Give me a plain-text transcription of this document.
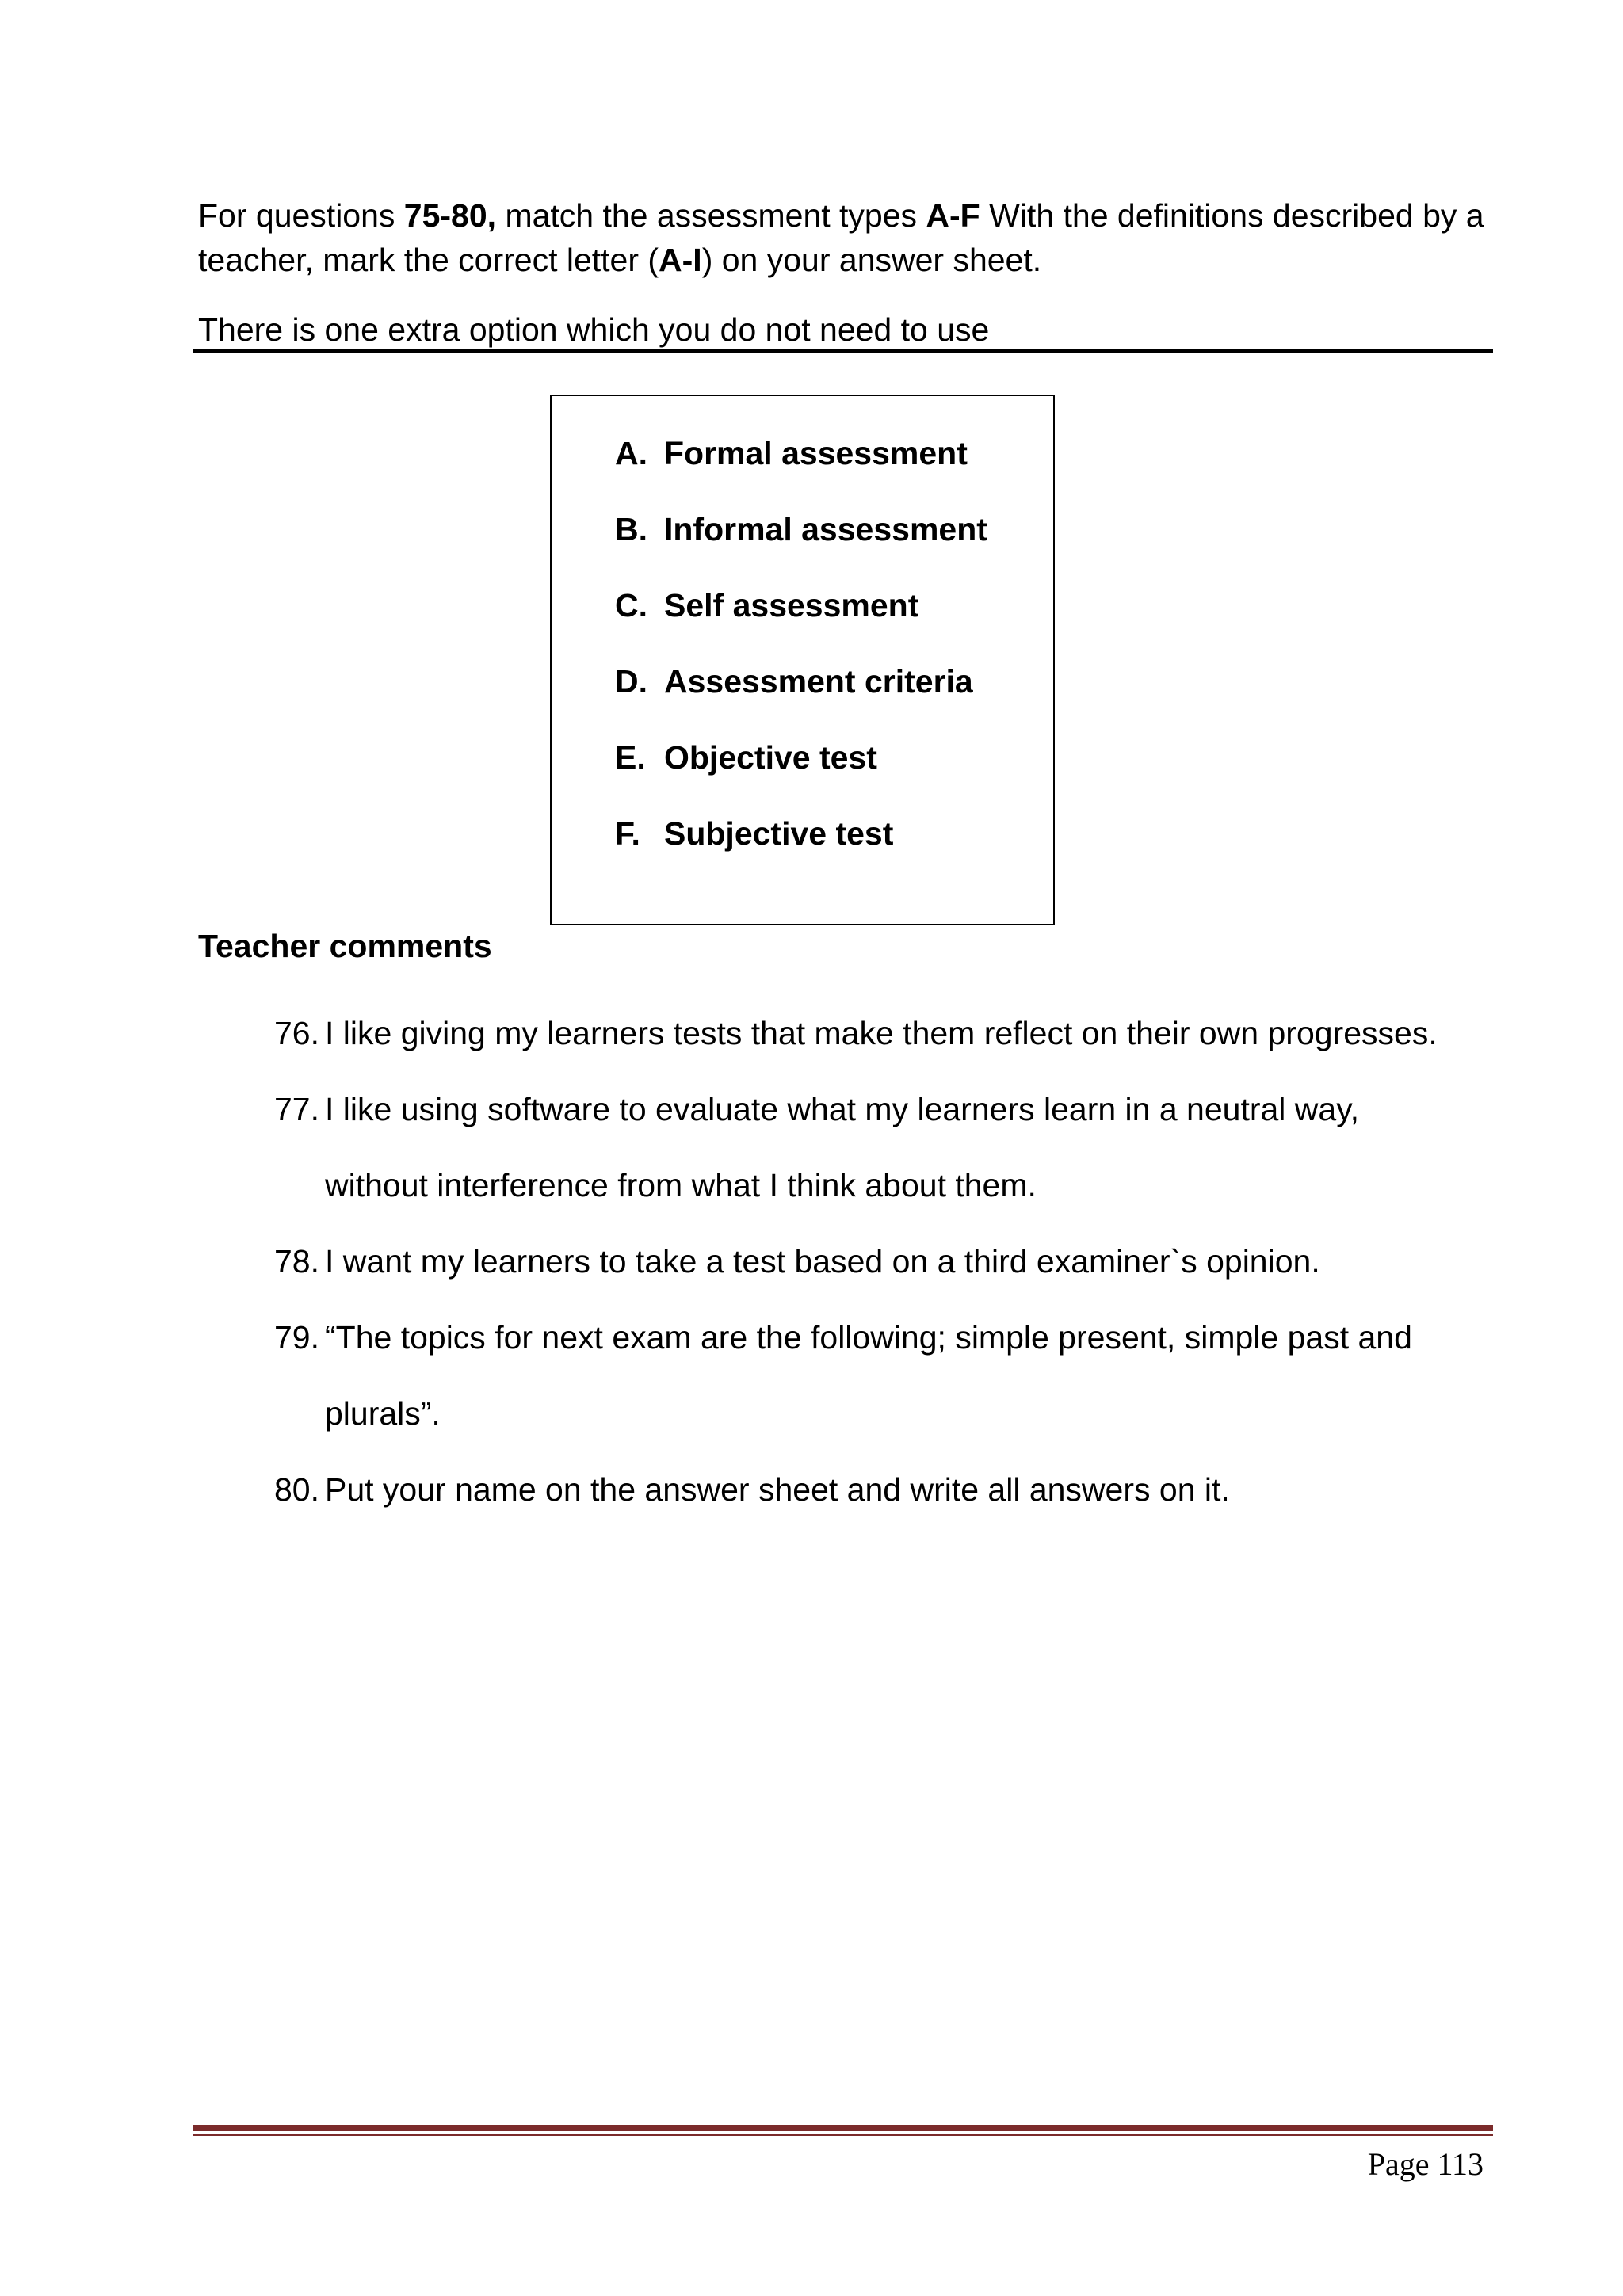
For questions 75-80, match the assessment types A-F With the definitions described by a teacher, mark the correct letter (A-I) on your answer sheet.
There is one extra option which you do not need to use
A. Formal assessment
B. Informal assessment
C. Self assessment
D. Assessment criteria
E. Objective test
F. Subjective test
Teacher comments
76. I like giving my learners tests that make them reflect on their own progresses.
77. I like using software to evaluate what my learners learn in a neutral way,
without interference from what I think about them.
78. I want my learners to take a test based on a third examiner`s opinion.
79. “The topics for next exam are the following; simple present, simple past and
plurals”.
80. Put your name on the answer sheet and write all answers on it.
Page 113
